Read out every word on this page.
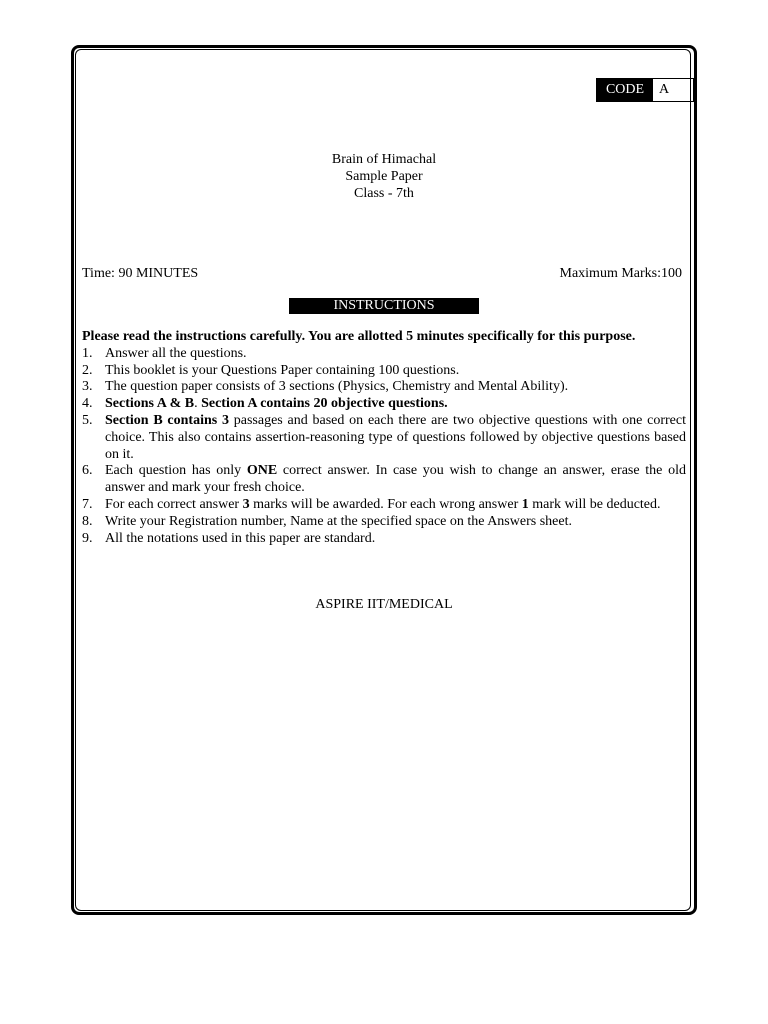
CODE	A
Brain of Himachal
Sample Paper
Class - 7th
Time: 90 MINUTES	Maximum Marks:100
INSTRUCTIONS

Please read the instructions carefully. You are allotted 5 minutes specifically for this purpose.

1. Answer all the questions.
2. This booklet is your Questions Paper containing 100 questions.
3. The question paper consists of 3 sections (Physics, Chemistry and Mental Ability).
4. Sections A & B. Section A contains 20 objective questions.
5. Section B contains 3 passages and based on each there are two objective questions with one correct choice. This also contains assertion-reasoning type of questions followed by objective questions based on it.
6. Each question has only ONE correct answer. In case you wish to change an answer, erase the old answer and mark your fresh choice.
7. For each correct answer 3 marks will be awarded. For each wrong answer 1 mark will be deducted.
8. Write your Registration number, Name at the specified space on the Answers sheet.
9. All the notations used in this paper are standard.
ASPIRE IIT/MEDICAL
